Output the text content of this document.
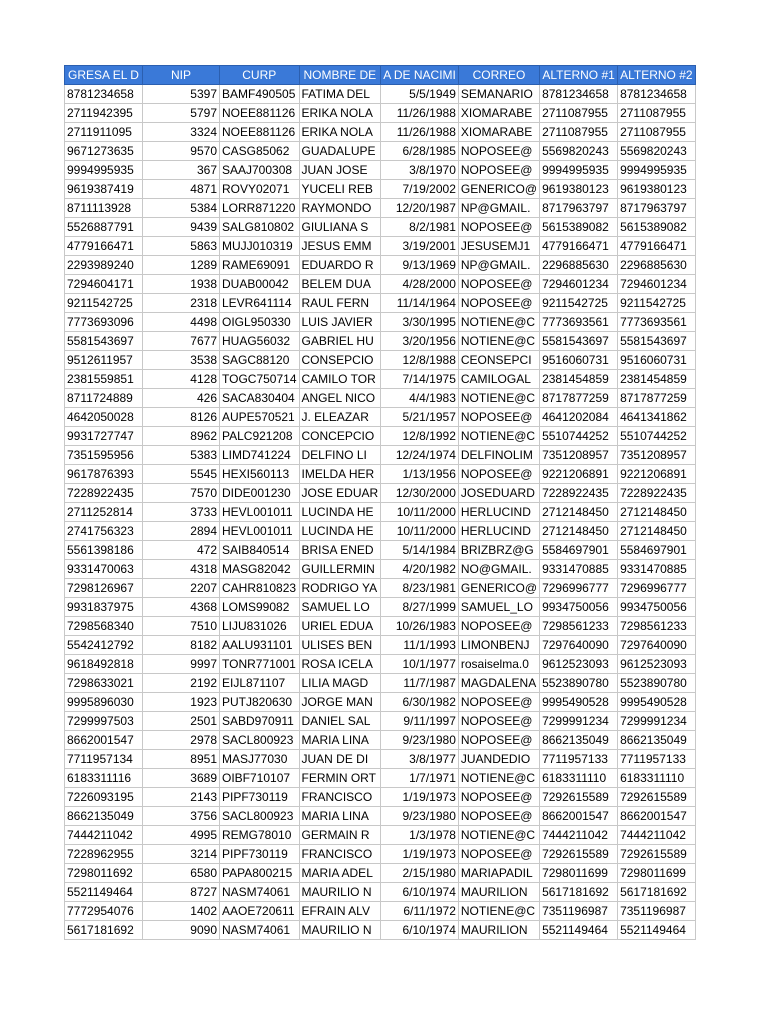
GRESA EL D	NIP	CURP	NOMBRE DE	A DE NACIMI	CORREO	ALTERNO #1	ALTERNO #2
8781234658	5397	BAMF490505	FATIMA DEL	5/5/1949	SEMANARIO	8781234658	8781234658
2711942395	5797	NOEE881126	ERIKA NOLA	11/26/1988	XIOMARABE	2711087955	2711087955
2711911095	3324	NOEE881126	ERIKA NOLA	11/26/1988	XIOMARABE	2711087955	2711087955
9671273635	9570	CASG85062	GUADALUPE	6/28/1985	NOPOSEE@	5569820243	5569820243
9994995935	367	SAAJ700308	JUAN JOSE	3/8/1970	NOPOSEE@	9994995935	9994995935
9619387419	4871	ROVY02071	YUCELI REB	7/19/2002	GENERICO@	9619380123	9619380123
8711113928	5384	LORR871220	RAYMONDO	12/20/1987	NP@GMAIL.	8717963797	8717963797
5526887791	9439	SALG810802	GIULIANA S	8/2/1981	NOPOSEE@	5615389082	5615389082
4779166471	5863	MUJJ010319	JESUS EMM	3/19/2001	JESUSEMJ1	4779166471	4779166471
2293989240	1289	RAME69091	EDUARDO R	9/13/1969	NP@GMAIL.	2296885630	2296885630
7294604171	1938	DUAB00042	BELEM DUA	4/28/2000	NOPOSEE@	7294601234	7294601234
9211542725	2318	LEVR641114	RAUL FERN	11/14/1964	NOPOSEE@	9211542725	9211542725
7773693096	4498	OIGL950330	LUIS JAVIER	3/30/1995	NOTIENE@C	7773693561	7773693561
5581543697	7677	HUAG56032	GABRIEL HU	3/20/1956	NOTIENE@C	5581543697	5581543697
9512611957	3538	SAGC88120	CONSEPCIO	12/8/1988	CEONSEPCI	9516060731	9516060731
2381559851	4128	TOGC750714	CAMILO TOR	7/14/1975	CAMILOGAL	2381454859	2381454859
8711724889	426	SACA830404	ANGEL NICO	4/4/1983	NOTIENE@C	8717877259	8717877259
4642050028	8126	AUPE570521	J. ELEAZAR	5/21/1957	NOPOSEE@	4641202084	4641341862
9931727747	8962	PALC921208	CONCEPCIO	12/8/1992	NOTIENE@C	5510744252	5510744252
7351595956	5383	LIMD741224	DELFINO LI	12/24/1974	DELFINOLIM	7351208957	7351208957
9617876393	5545	HEXI560113	IMELDA HER	1/13/1956	NOPOSEE@	9221206891	9221206891
7228922435	7570	DIDE001230	JOSE EDUAR	12/30/2000	JOSEDUARD	7228922435	7228922435
2711252814	3733	HEVL001011	LUCINDA HE	10/11/2000	HERLUCIND	2712148450	2712148450
2741756323	2894	HEVL001011	LUCINDA HE	10/11/2000	HERLUCIND	2712148450	2712148450
5561398186	472	SAIB840514	BRISA ENED	5/14/1984	BRIZBRZ@G	5584697901	5584697901
9331470063	4318	MASG82042	GUILLERMIN	4/20/1982	NO@GMAIL.	9331470885	9331470885
7298126967	2207	CAHR810823	RODRIGO YA	8/23/1981	GENERICO@	7296996777	7296996777
9931837975	4368	LOMS99082	SAMUEL LO	8/27/1999	SAMUEL_LO	9934750056	9934750056
7298568340	7510	LIJU831026	URIEL EDUA	10/26/1983	NOPOSEE@	7298561233	7298561233
5542412792	8182	AALU931101	ULISES BEN	11/1/1993	LIMONBENJ	7297640090	7297640090
9618492818	9997	TONR771001	ROSA ICELA	10/1/1977	rosaiselma.0	9612523093	9612523093
7298633021	2192	EIJL871107	LILIA MAGD	11/7/1987	MAGDALENA	5523890780	5523890780
9995896030	1923	PUTJ820630	JORGE MAN	6/30/1982	NOPOSEE@	9995490528	9995490528
7299997503	2501	SABD970911	DANIEL SAL	9/11/1997	NOPOSEE@	7299991234	7299991234
8662001547	2978	SACL800923	MARIA LINA	9/23/1980	NOPOSEE@	8662135049	8662135049
7711957134	8951	MASJ77030	JUAN DE DI	3/8/1977	JUANDEDIO	7711957133	7711957133
6183311116	3689	OIBF710107	FERMIN ORT	1/7/1971	NOTIENE@C	6183311110	6183311110
7226093195	2143	PIPF730119	FRANCISCO	1/19/1973	NOPOSEE@	7292615589	7292615589
8662135049	3756	SACL800923	MARIA LINA	9/23/1980	NOPOSEE@	8662001547	8662001547
7444211042	4995	REMG78010	GERMAIN R	1/3/1978	NOTIENE@C	7444211042	7444211042
7228962955	3214	PIPF730119	FRANCISCO	1/19/1973	NOPOSEE@	7292615589	7292615589
7298011692	6580	PAPA800215	MARIA ADEL	2/15/1980	MARIAPADIL	7298011699	7298011699
5521149464	8727	NASM74061	MAURILIO N	6/10/1974	MAURILION	5617181692	5617181692
7772954076	1402	AAOE720611	EFRAIN ALV	6/11/1972	NOTIENE@C	7351196987	7351196987
5617181692	9090	NASM74061	MAURILIO N	6/10/1974	MAURILION	5521149464	5521149464
